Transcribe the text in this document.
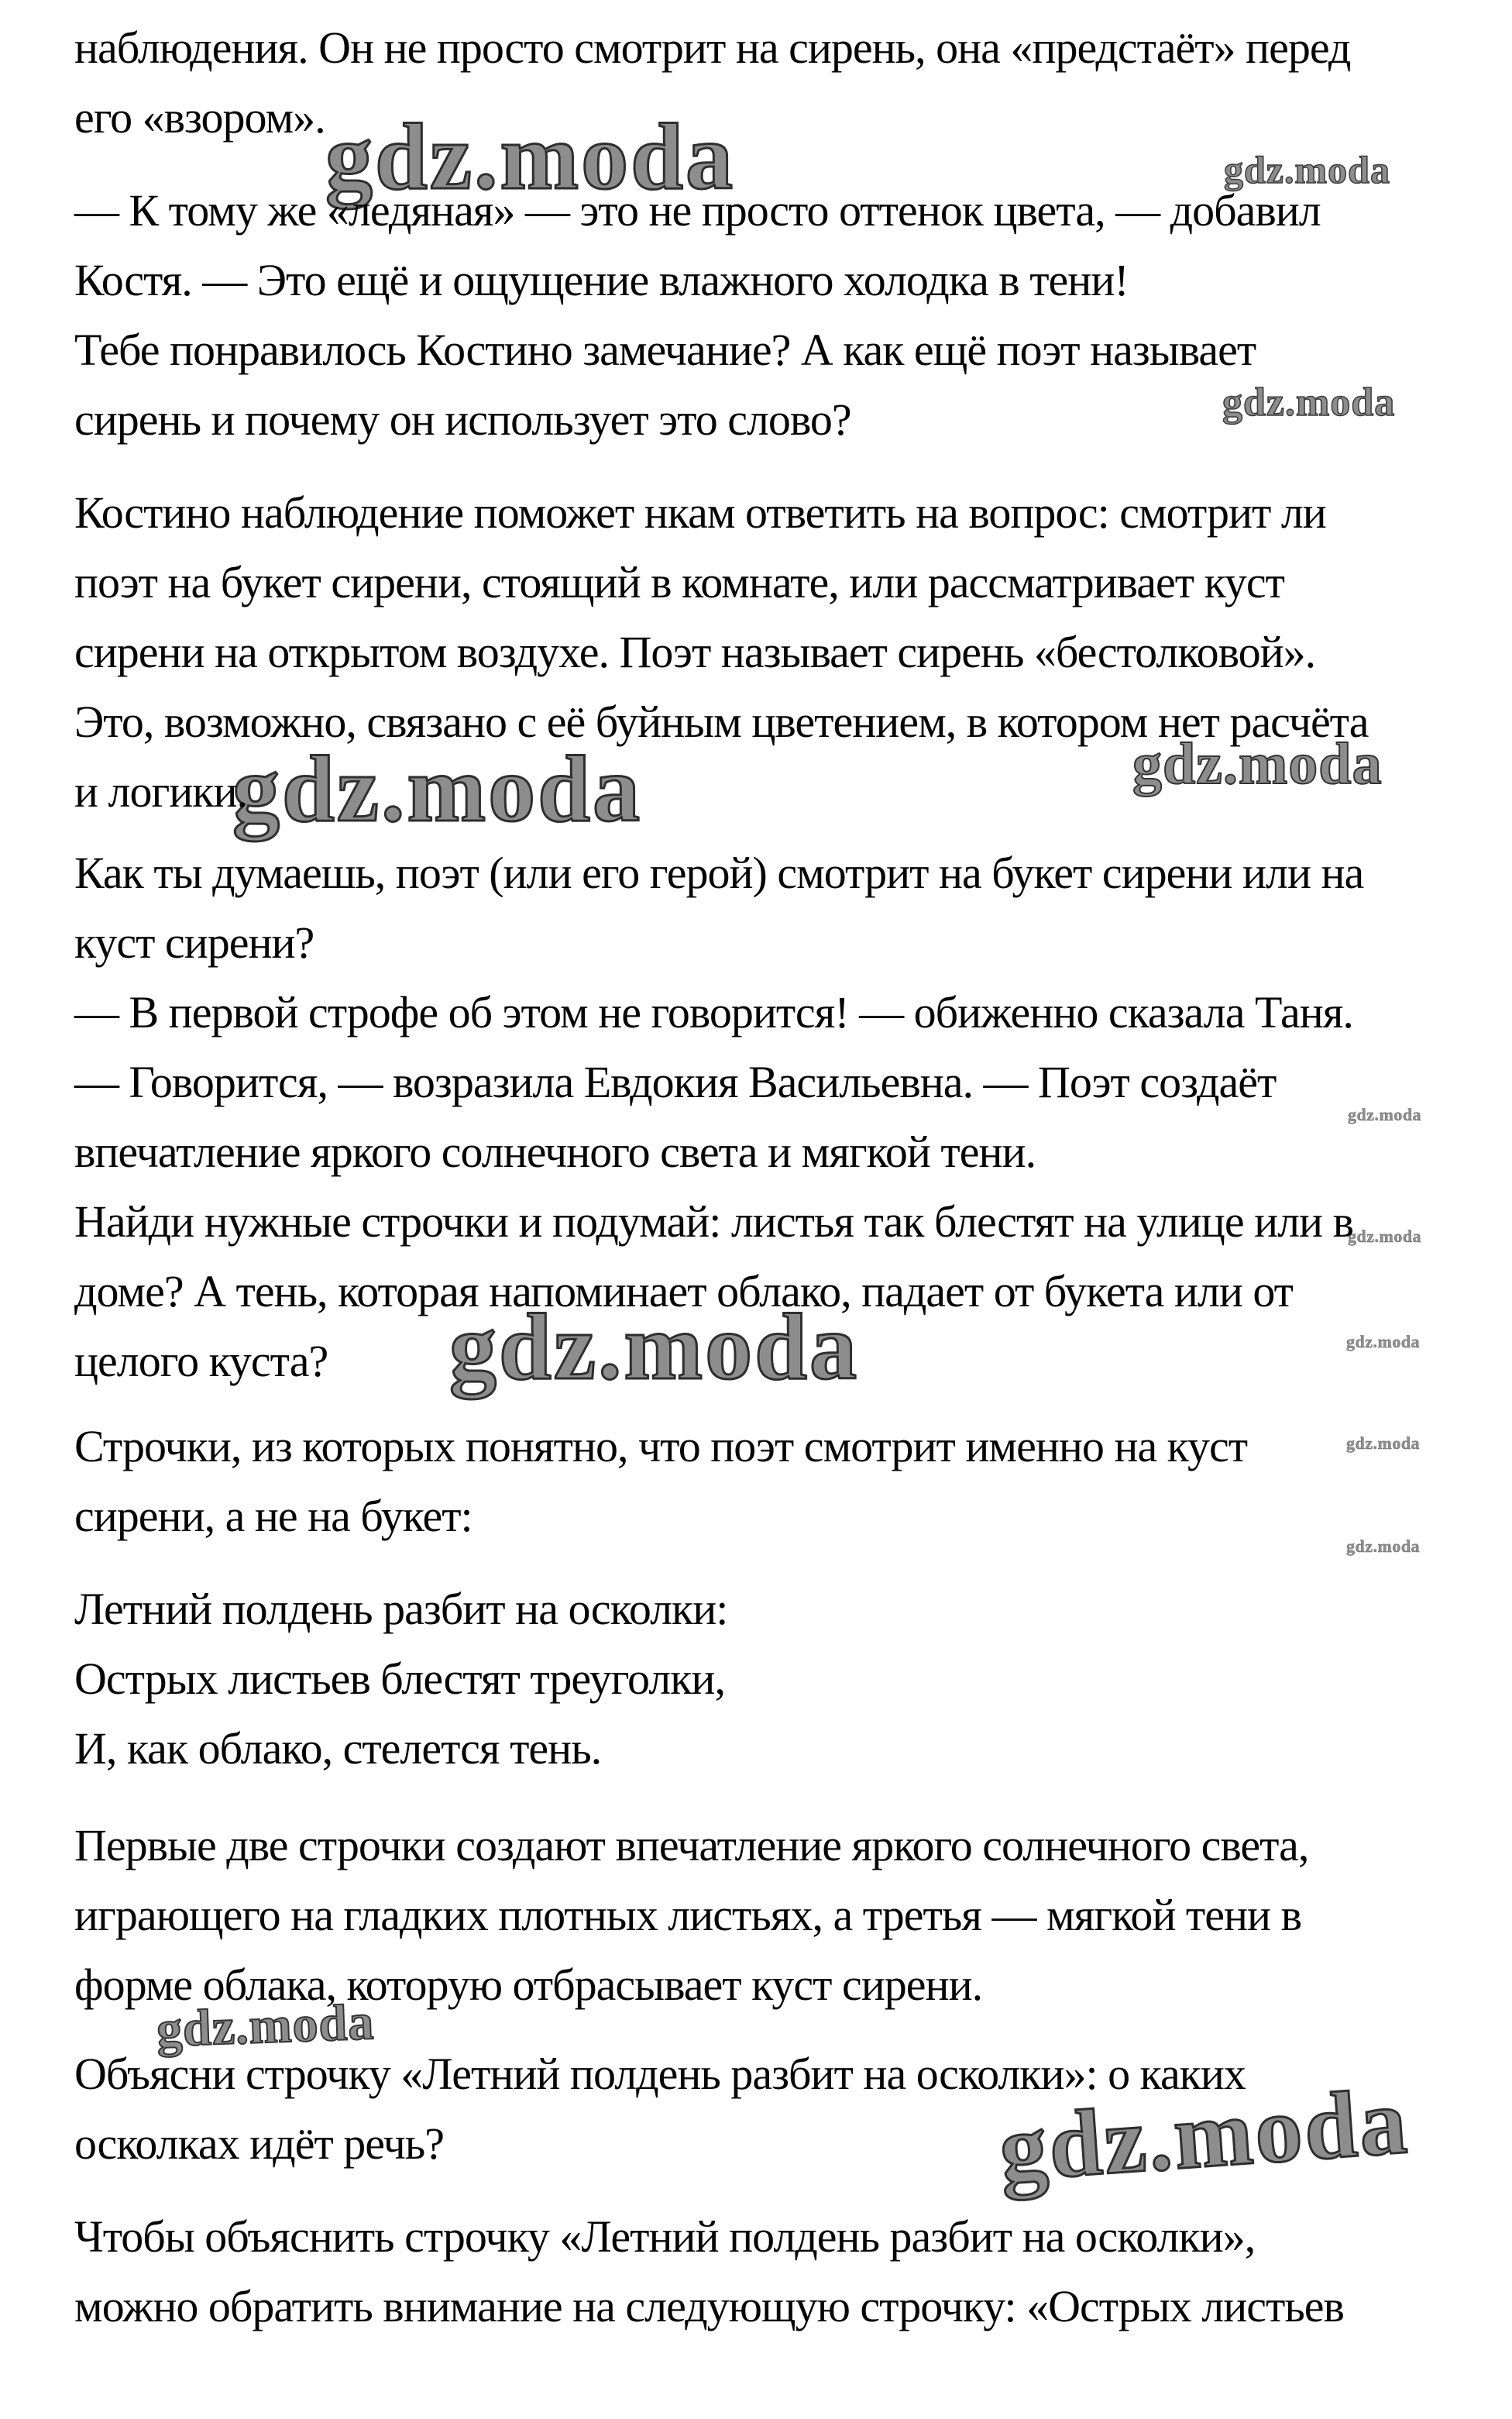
gdz.moda	gdz.moda
gdz.moda
gdz.moda	gdz.moda
gdz.moda
gdz.moda
gdz.moda	gdz.moda
gdz.moda
gdz.moda
gdz.moda
gdz.moda
наблюдения. Он не просто смотрит на сирень, она «предстаёт» перед
его «взором».
— К тому же «ледяная» — это не просто оттенок цвета, — добавил
Костя. — Это ещё и ощущение влажного холодка в тени!
Тебе понравилось Костино замечание? А как ещё поэт называет
сирень и почему он использует это слово?
Костино наблюдение поможет нкам ответить на вопрос: смотрит ли
поэт на букет сирени, стоящий в комнате, или рассматривает куст
сирени на открытом воздухе. Поэт называет сирень «бестолковой».
Это, возможно, связано с её буйным цветением, в котором нет расчёта
и логики.
Как ты думаешь, поэт (или его герой) смотрит на букет сирени или на
куст сирени?
— В первой строфе об этом не говорится! — обиженно сказала Таня.
— Говорится, — возразила Евдокия Васильевна. — Поэт создаёт
впечатление яркого солнечного света и мягкой тени.
Найди нужные строчки и подумай: листья так блестят на улице или в
доме? А тень, которая напоминает облако, падает от букета или от
целого куста?
Строчки, из которых понятно, что поэт смотрит именно на куст
сирени, а не на букет:
Летний полдень разбит на осколки:
Острых листьев блестят треуголки,
И, как облако, стелется тень.
Первые две строчки создают впечатление яркого солнечного света,
играющего на гладких плотных листьях, а третья — мягкой тени в
форме облака, которую отбрасывает куст сирени.
Объясни строчку «Летний полдень разбит на осколки»: о каких
осколках идёт речь?
Чтобы объяснить строчку «Летний полдень разбит на осколки»,
можно обратить внимание на следующую строчку: «Острых листьев
